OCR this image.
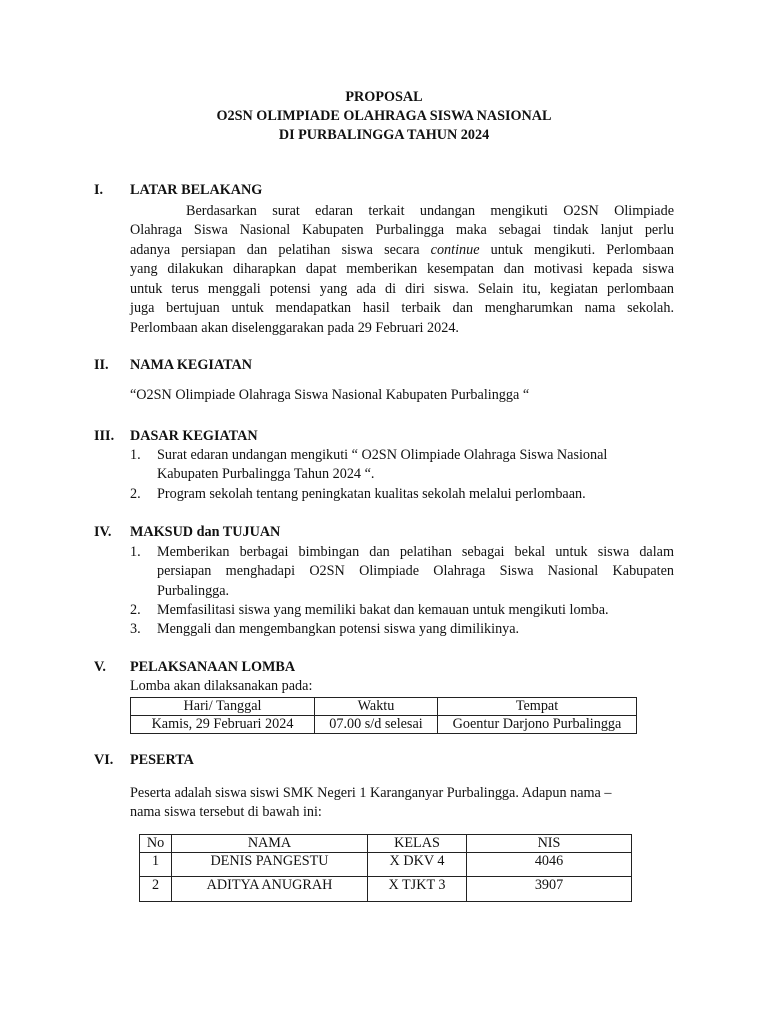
PROPOSAL
O2SN OLIMPIADE OLAHRAGA SISWA NASIONAL
DI PURBALINGGA TAHUN 2024
I. LATAR BELAKANG
Berdasarkan surat edaran terkait undangan mengikuti O2SN Olimpiade
Olahraga Siswa Nasional Kabupaten Purbalingga maka sebagai tindak lanjut perlu
adanya persiapan dan pelatihan siswa secara continue untuk mengikuti. Perlombaan
yang dilakukan diharapkan dapat memberikan kesempatan dan motivasi kepada siswa
untuk terus menggali potensi yang ada di diri siswa. Selain itu, kegiatan perlombaan
juga bertujuan untuk mendapatkan hasil terbaik dan mengharumkan nama sekolah.
Perlombaan akan diselenggarakan pada 29 Februari 2024.
II. NAMA KEGIATAN
“O2SN Olimpiade Olahraga Siswa Nasional Kabupaten Purbalingga “
III. DASAR KEGIATAN
1. Surat edaran undangan mengikuti “ O2SN Olimpiade Olahraga Siswa Nasional
Kabupaten Purbalingga Tahun 2024 “.
2. Program sekolah tentang peningkatan kualitas sekolah melalui perlombaan.
IV. MAKSUD dan TUJUAN
1. Memberikan berbagai bimbingan dan pelatihan sebagai bekal untuk siswa dalam
persiapan menghadapi O2SN Olimpiade Olahraga Siswa Nasional Kabupaten
Purbalingga.
2. Memfasilitasi siswa yang memiliki bakat dan kemauan untuk mengikuti lomba.
3. Menggali dan mengembangkan potensi siswa yang dimilikinya.
V. PELAKSANAAN LOMBA
Lomba akan dilaksanakan pada:
Hari/ Tanggal	Waktu	Tempat
Kamis, 29 Februari 2024	07.00 s/d selesai	Goentur Darjono Purbalingga
VI. PESERTA
Peserta adalah siswa siswi SMK Negeri 1 Karanganyar Purbalingga. Adapun nama –
nama siswa tersebut di bawah ini:
No	NAMA	KELAS	NIS
1	DENIS PANGESTU	X DKV 4	4046
2	ADITYA ANUGRAH	X TJKT 3	3907
